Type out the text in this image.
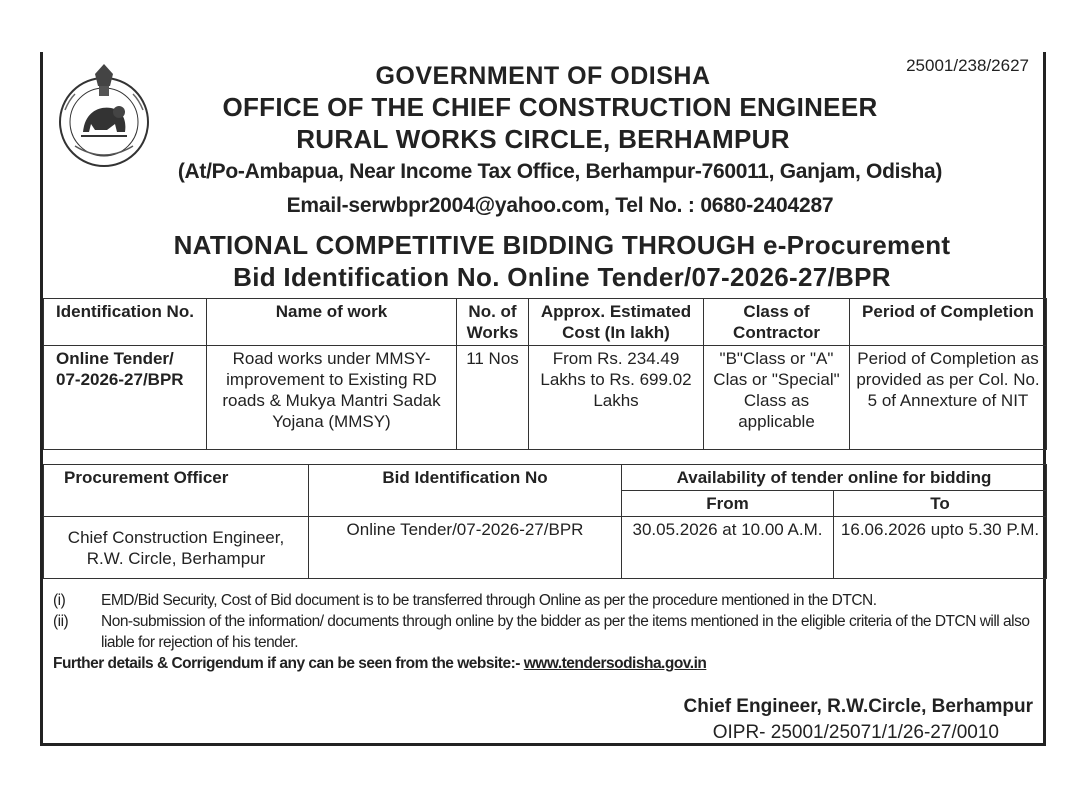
25001/238/2627
GOVERNMENT OF ODISHA
OFFICE OF THE CHIEF CONSTRUCTION ENGINEER
RURAL WORKS CIRCLE, BERHAMPUR
(At/Po-Ambapua, Near Income Tax Office, Berhampur-760011, Ganjam, Odisha)
Email-serwbpr2004@yahoo.com, Tel No. : 0680-2404287
NATIONAL COMPETITIVE BIDDING THROUGH e-Procurement
Bid Identification No. Online Tender/07-2026-27/BPR
Identification No.	Name of work	No. of Works	Approx. Estimated Cost (In lakh)	Class of Contractor	Period of Completion
Online Tender/ 07-2026-27/BPR	Road works under MMSY-improvement to Existing RD roads & Mukya Mantri Sadak Yojana (MMSY)	11 Nos	From Rs. 234.49 Lakhs to Rs. 699.02 Lakhs	"B"Class or "A" Clas or "Special" Class as applicable	Period of Completion as provided as per Col. No. 5 of Annexture of NIT
Procurement Officer	Bid Identification No	Availability of tender online for bidding	
		From	To
Chief Construction Engineer, R.W. Circle, Berhampur	Online Tender/07-2026-27/BPR	30.05.2026 at 10.00 A.M.	16.06.2026 upto 5.30 P.M.
(i)	EMD/Bid Security, Cost of Bid document is to be transferred through Online as per the procedure mentioned in the DTCN.
(ii)	Non-submission of the information/ documents through online by the bidder as per the items mentioned in the eligible criteria of the DTCN will also liable for rejection of his tender.
Further details & Corrigendum if any can be seen from the website:- www.tendersodisha.gov.in
Chief Engineer, R.W.Circle, Berhampur
OIPR- 25001/25071/1/26-27/0010
